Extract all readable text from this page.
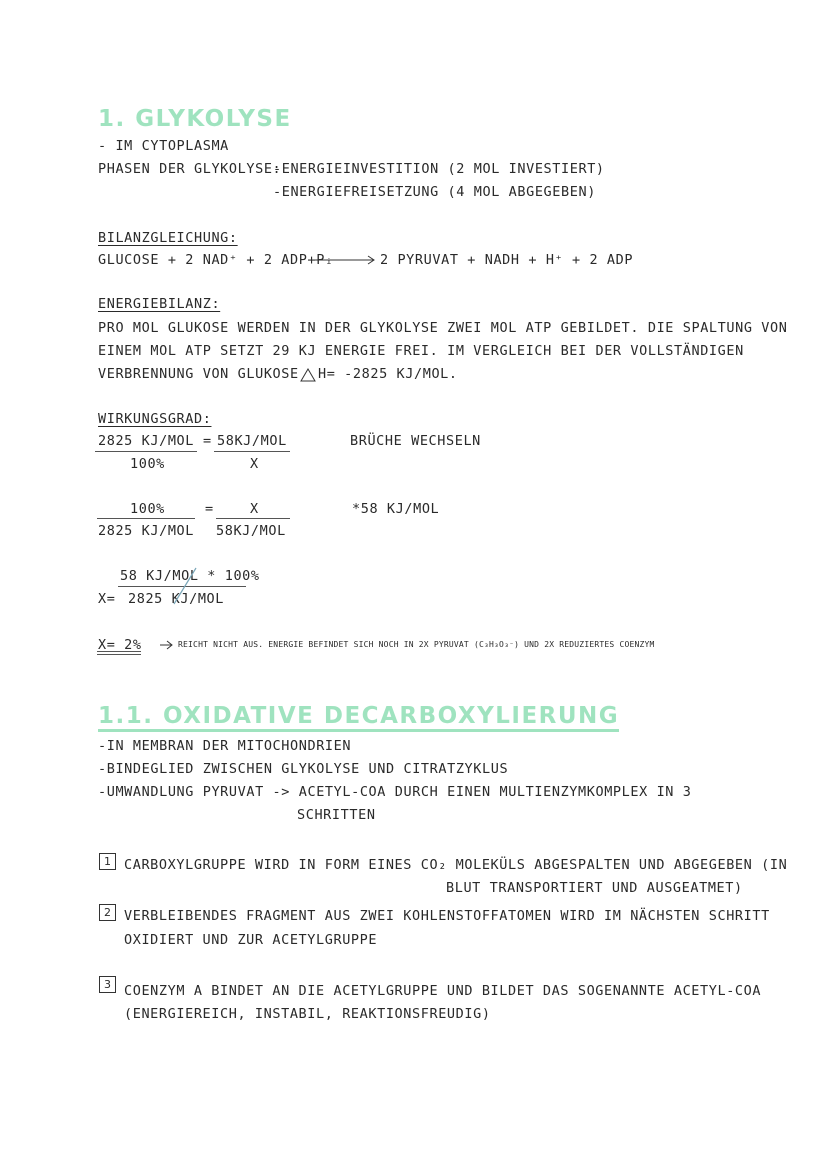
1. GLYKOLYSE
- IM CYTOPLASMA
PHASEN DER GLYKOLYSE:
-ENERGIEINVESTITION (2 MOL INVESTIERT)
-ENERGIEFREISETZUNG (4 MOL ABGEGEBEN)
BILANZGLEICHUNG:
GLUCOSE + 2 NAD⁺ + 2 ADP+Pᵢ	2 PYRUVAT + NADH + H⁺ + 2 ADP
ENERGIEBILANZ:
PRO MOL GLUKOSE WERDEN IN DER GLYKOLYSE ZWEI MOL ATP GEBILDET. DIE SPALTUNG VON
EINEM MOL ATP SETZT 29 KJ ENERGIE FREI. IM VERGLEICH BEI DER VOLLSTÄNDIGEN
VERBRENNUNG VON GLUKOSE H= -2825 KJ/MOL.
WIRKUNGSGRAD:
2825 KJ/MOL = 58KJ/MOL
100%	X
BRÜCHE WECHSELN
100%	=	X
2825 KJ/MOL 58KJ/MOL
*58 KJ/MOL
58 KJ/MOL * 100%
X= 2825 KJ/MOL
X= 2%	REICHT NICHT AUS. ENERGIE BEFINDET SICH NOCH IN 2X PYRUVAT (C₃H₃O₃⁻) UND 2X REDUZIERTES COENZYM
1.1. OXIDATIVE DECARBOXYLIERUNG
-IN MEMBRAN DER MITOCHONDRIEN
-BINDEGLIED ZWISCHEN GLYKOLYSE UND CITRATZYKLUS
-UMWANDLUNG PYRUVAT -> ACETYL-COA DURCH EINEN MULTIENZYMKOMPLEX IN 3
SCHRITTEN
1 CARBOXYLGRUPPE WIRD IN FORM EINES CO₂ MOLEKÜLS ABGESPALTEN UND ABGEGEBEN (IN
BLUT TRANSPORTIERT UND AUSGEATMET)
2 VERBLEIBENDES FRAGMENT AUS ZWEI KOHLENSTOFFATOMEN WIRD IM NÄCHSTEN SCHRITT
OXIDIERT UND ZUR ACETYLGRUPPE
3 COENZYM A BINDET AN DIE ACETYLGRUPPE UND BILDET DAS SOGENANNTE ACETYL-COA
(ENERGIEREICH, INSTABIL, REAKTIONSFREUDIG)
